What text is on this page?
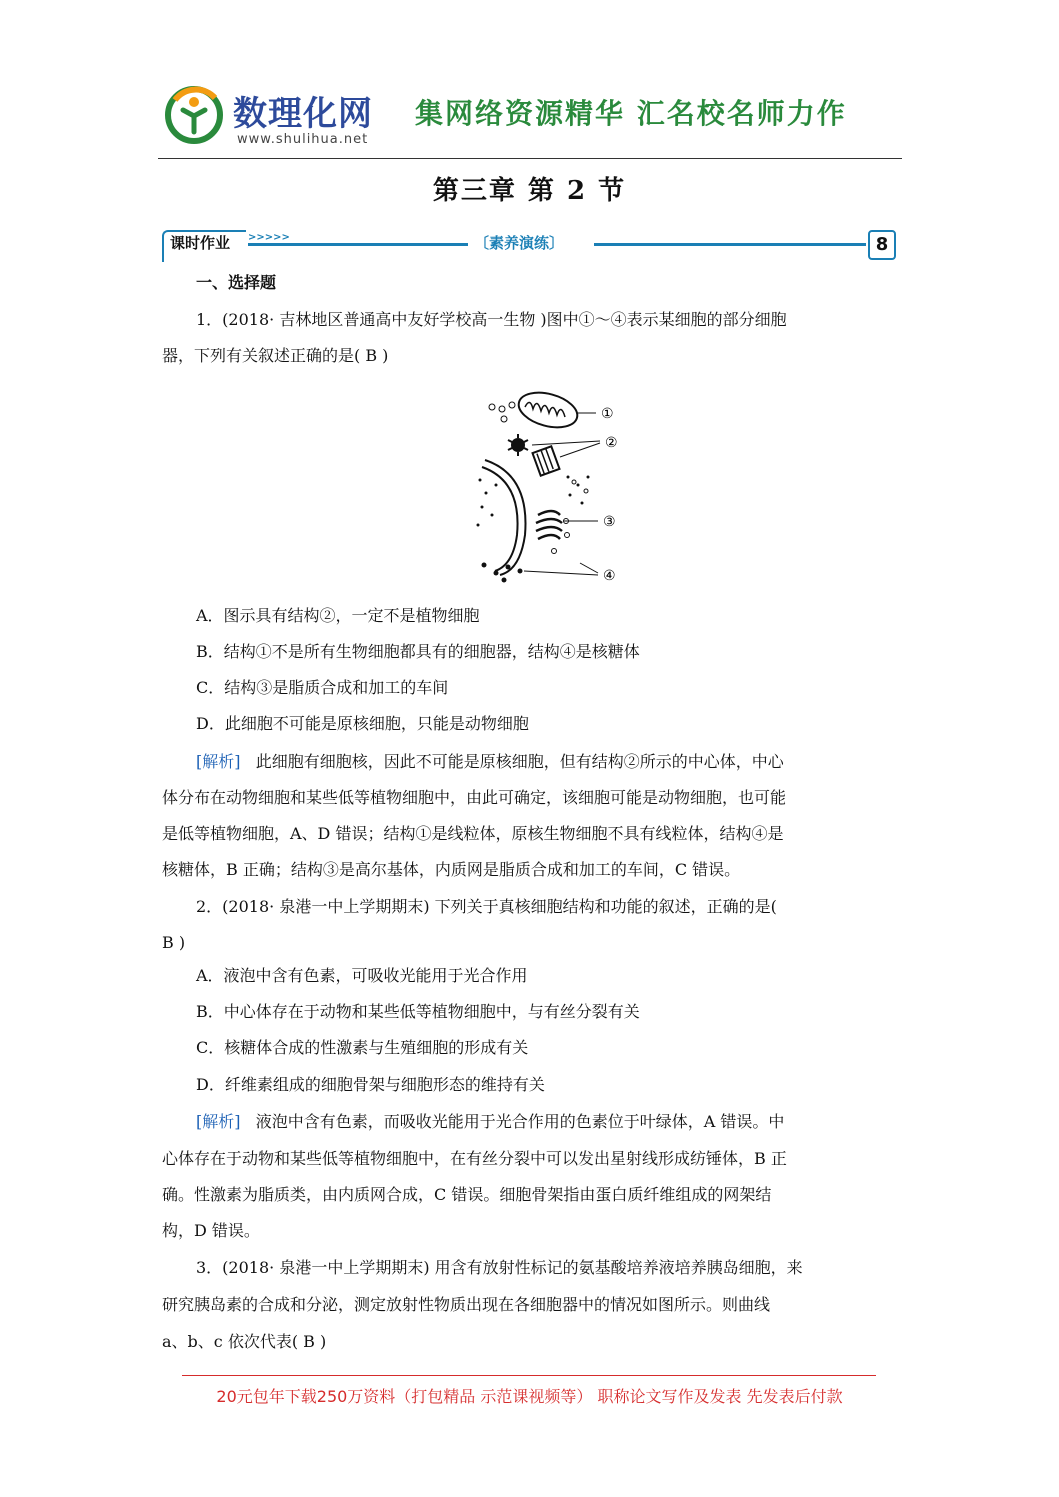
数理化网
www.shulihua.net
集网络资源精华 汇名校名师力作
第三章 第 2 节
课时作业 >>>>>	〔素养演练〕	8
一、选择题
1．(2018· 吉林地区普通高中友好学校高一生物 )图中①～④表示某细胞的部分细胞
器，下列有关叙述正确的是( B )
①
②
③
④
A．图示具有结构②，一定不是植物细胞
B．结构①不是所有生物细胞都具有的细胞器，结构④是核糖体
C．结构③是脂质合成和加工的车间
D．此细胞不可能是原核细胞，只能是动物细胞
[解析] 此细胞有细胞核，因此不可能是原核细胞，但有结构②所示的中心体，中心
体分布在动物细胞和某些低等植物细胞中，由此可确定，该细胞可能是动物细胞，也可能
是低等植物细胞，A、D 错误；结构①是线粒体，原核生物细胞不具有线粒体，结构④是
核糖体，B 正确；结构③是高尔基体，内质网是脂质合成和加工的车间，C 错误。
2．(2018· 泉港一中上学期期末) 下列关于真核细胞结构和功能的叙述，正确的是(
B )
A．液泡中含有色素，可吸收光能用于光合作用
B．中心体存在于动物和某些低等植物细胞中，与有丝分裂有关
C．核糖体合成的性激素与生殖细胞的形成有关
D．纤维素组成的细胞骨架与细胞形态的维持有关
[解析] 液泡中含有色素，而吸收光能用于光合作用的色素位于叶绿体，A 错误。中
心体存在于动物和某些低等植物细胞中，在有丝分裂中可以发出星射线形成纺锤体，B 正
确。性激素为脂质类，由内质网合成，C 错误。细胞骨架指由蛋白质纤维组成的网架结
构，D 错误。
3．(2018· 泉港一中上学期期末) 用含有放射性标记的氨基酸培养液培养胰岛细胞，来
研究胰岛素的合成和分泌，测定放射性物质出现在各细胞器中的情况如图所示。则曲线
a、b、c 依次代表( B )
20元包年下载250万资料（打包精品 示范课视频等） 职称论文写作及发表 先发表后付款
